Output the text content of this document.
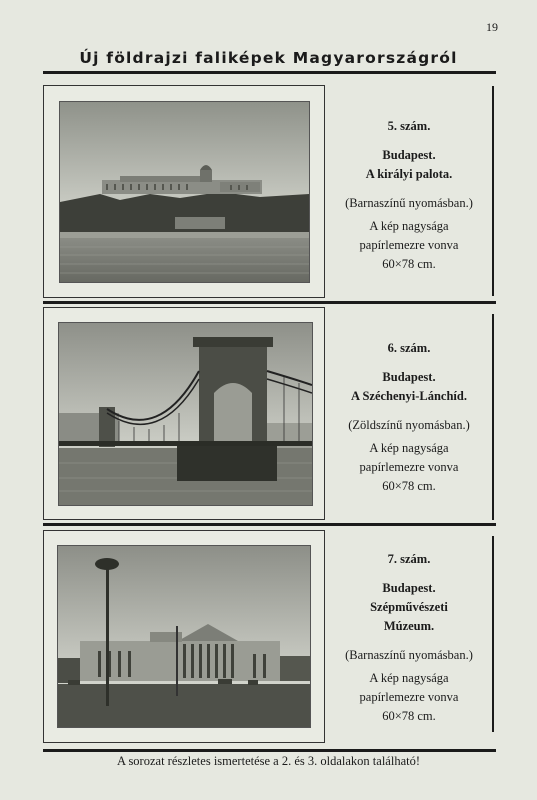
19
Új földrajzi faliképek Magyarországról
5. szám.
Budapest.
A királyi palota.
(Barnaszínű nyomásban.)
A kép nagysága
papírlemezre vonva
60×78 cm.
6. szám.
Budapest.
A Széchenyi-Lánchíd.
(Zöldszínű nyomásban.)
A kép nagysága
papírlemezre vonva
60×78 cm.
7. szám.
Budapest.
Szépművészeti
Múzeum.
(Barnaszínű nyomásban.)
A kép nagysága
papírlemezre vonva
60×78 cm.
A sorozat részletes ismertetése a 2. és 3. oldalakon található!
